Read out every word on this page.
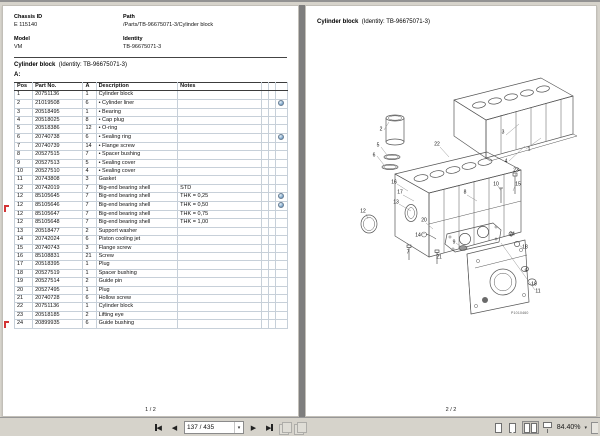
Chassis ID
E 115140
Path
/Parts/TB-96675071-3/Cylinder block
Model
VM
Identity
TB-96675071-3
Cylinder block (Identity: TB-96675071-3)
A:
Pos	Part No.	A	Description	Notes			
1	20751136	1	Cylinder block				
2	21019508	6	• Cylinder liner				
3	20518495	1	• Bearing				
4	20518025	8	• Cap plug				
5	20518386	12	• O-ring				
6	20740738	6	• Sealing ring				
7	20740739	14	• Flange screw				
8	20527515	7	• Spacer bushing				
9	20527513	5	• Sealing cover				
10	20527510	4	• Sealing cover				
11	20743808	3	Gasket				
12	20742019	7	Big-end bearing shell	STD			
12	85105645	7	Big-end bearing shell	THK = 0,25			
12	85105646	7	Big-end bearing shell	THK = 0,50			
12	85105647	7	Big-end bearing shell	THK = 0,75			
12	85105648	7	Big-end bearing shell	THK = 1,00			
13	20518477	2	Support washer				
14	20742024	6	Piston cooling jet				
15	20740743	3	Flange screw				
16	85108831	21	Screw				
17	20518395	1	Plug				
18	20527519	1	Spacer bushing				
19	20527514	2	Guide pin				
20	20527495	1	Plug				
21	20740728	6	Hollow screw				
22	20751136	1	Cylinder block				
23	20518185	2	Lifting eye				
24	20899935	6	Guide bushing				
1 / 2
Cylinder block (Identity: TB-96675071-3)
2
5
6
1
3
4
22
23
10	15
8
16
17
13
12
20
14
7
21
9
24
18
4
19
11
P1010460
2 / 2
◀ ◀
137 / 435	▾	▶ ▶	84.40% ▾
